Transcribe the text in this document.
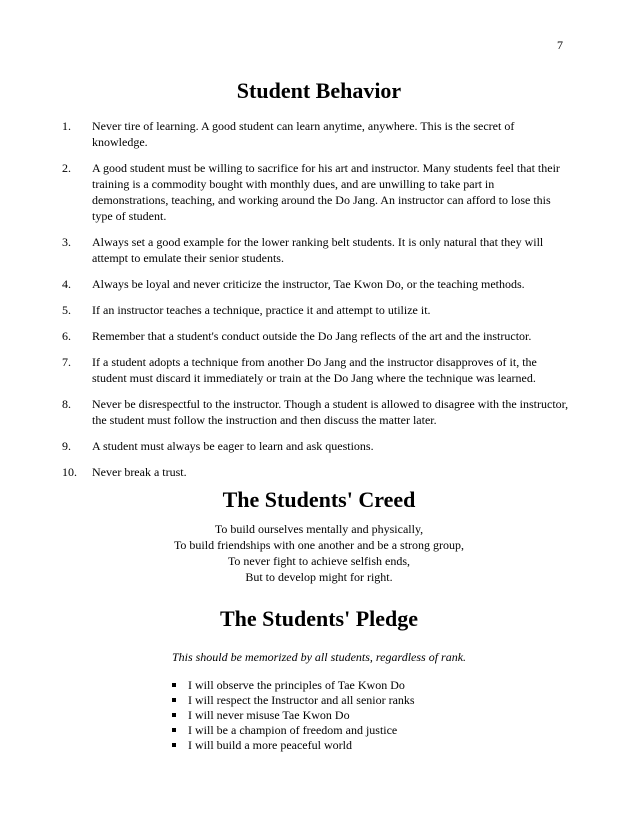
7
Student Behavior
1. Never tire of learning. A good student can learn anytime, anywhere. This is the secret of knowledge.
2. A good student must be willing to sacrifice for his art and instructor. Many students feel that their training is a commodity bought with monthly dues, and are unwilling to take part in demonstrations, teaching, and working around the Do Jang. An instructor can afford to lose this type of student.
3. Always set a good example for the lower ranking belt students. It is only natural that they will attempt to emulate their senior students.
4. Always be loyal and never criticize the instructor, Tae Kwon Do, or the teaching methods.
5. If an instructor teaches a technique, practice it and attempt to utilize it.
6. Remember that a student's conduct outside the Do Jang reflects of the art and the instructor.
7. If a student adopts a technique from another Do Jang and the instructor disapproves of it, the student must discard it immediately or train at the Do Jang where the technique was learned.
8. Never be disrespectful to the instructor. Though a student is allowed to disagree with the instructor, the student must follow the instruction and then discuss the matter later.
9. A student must always be eager to learn and ask questions.
10. Never break a trust.
The Students' Creed
To build ourselves mentally and physically,
To build friendships with one another and be a strong group,
To never fight to achieve selfish ends,
But to develop might for right.
The Students' Pledge

This should be memorized by all students, regardless of rank.

I will observe the principles of Tae Kwon Do
I will respect the Instructor and all senior ranks
I will never misuse Tae Kwon Do
I will be a champion of freedom and justice
I will build a more peaceful world
